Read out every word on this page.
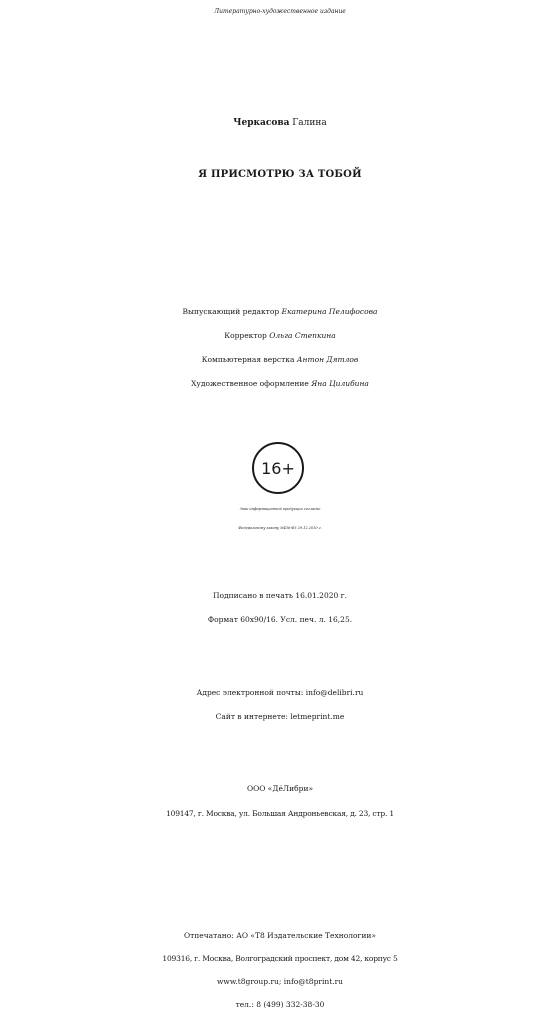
Литературно-художественное издание
Черкасова Галина
Я ПРИСМОТРЮ ЗА ТОБОЙ
Выпускающий редактор Екатерина Пелифосова
Корректор Ольга Степкина
Компьютерная верстка Антон Дятлов
Художественное оформление Яна Цилибина
16+
Знак информационной продукции согласно
Федеральному закону №436-ФЗ 29.12.2010 г.
Подписано в печать 16.01.2020 г.
Формат 60x90/16. Усл. печ. л. 16,25.
Адрес электронной почты: info@delibri.ru
Сайт в интернете: letmeprint.me
ООО «ДéЛибри»
109147, г. Москва, ул. Большая Андроньевская, д. 23, стр. 1
Отпечатано: АО «Т8 Издательские Технологии»
109316, г. Москва, Волгоградский проспект, дом 42, корпус 5
www.t8group.ru; info@t8print.ru
тел.: 8 (499) 332-38-30
